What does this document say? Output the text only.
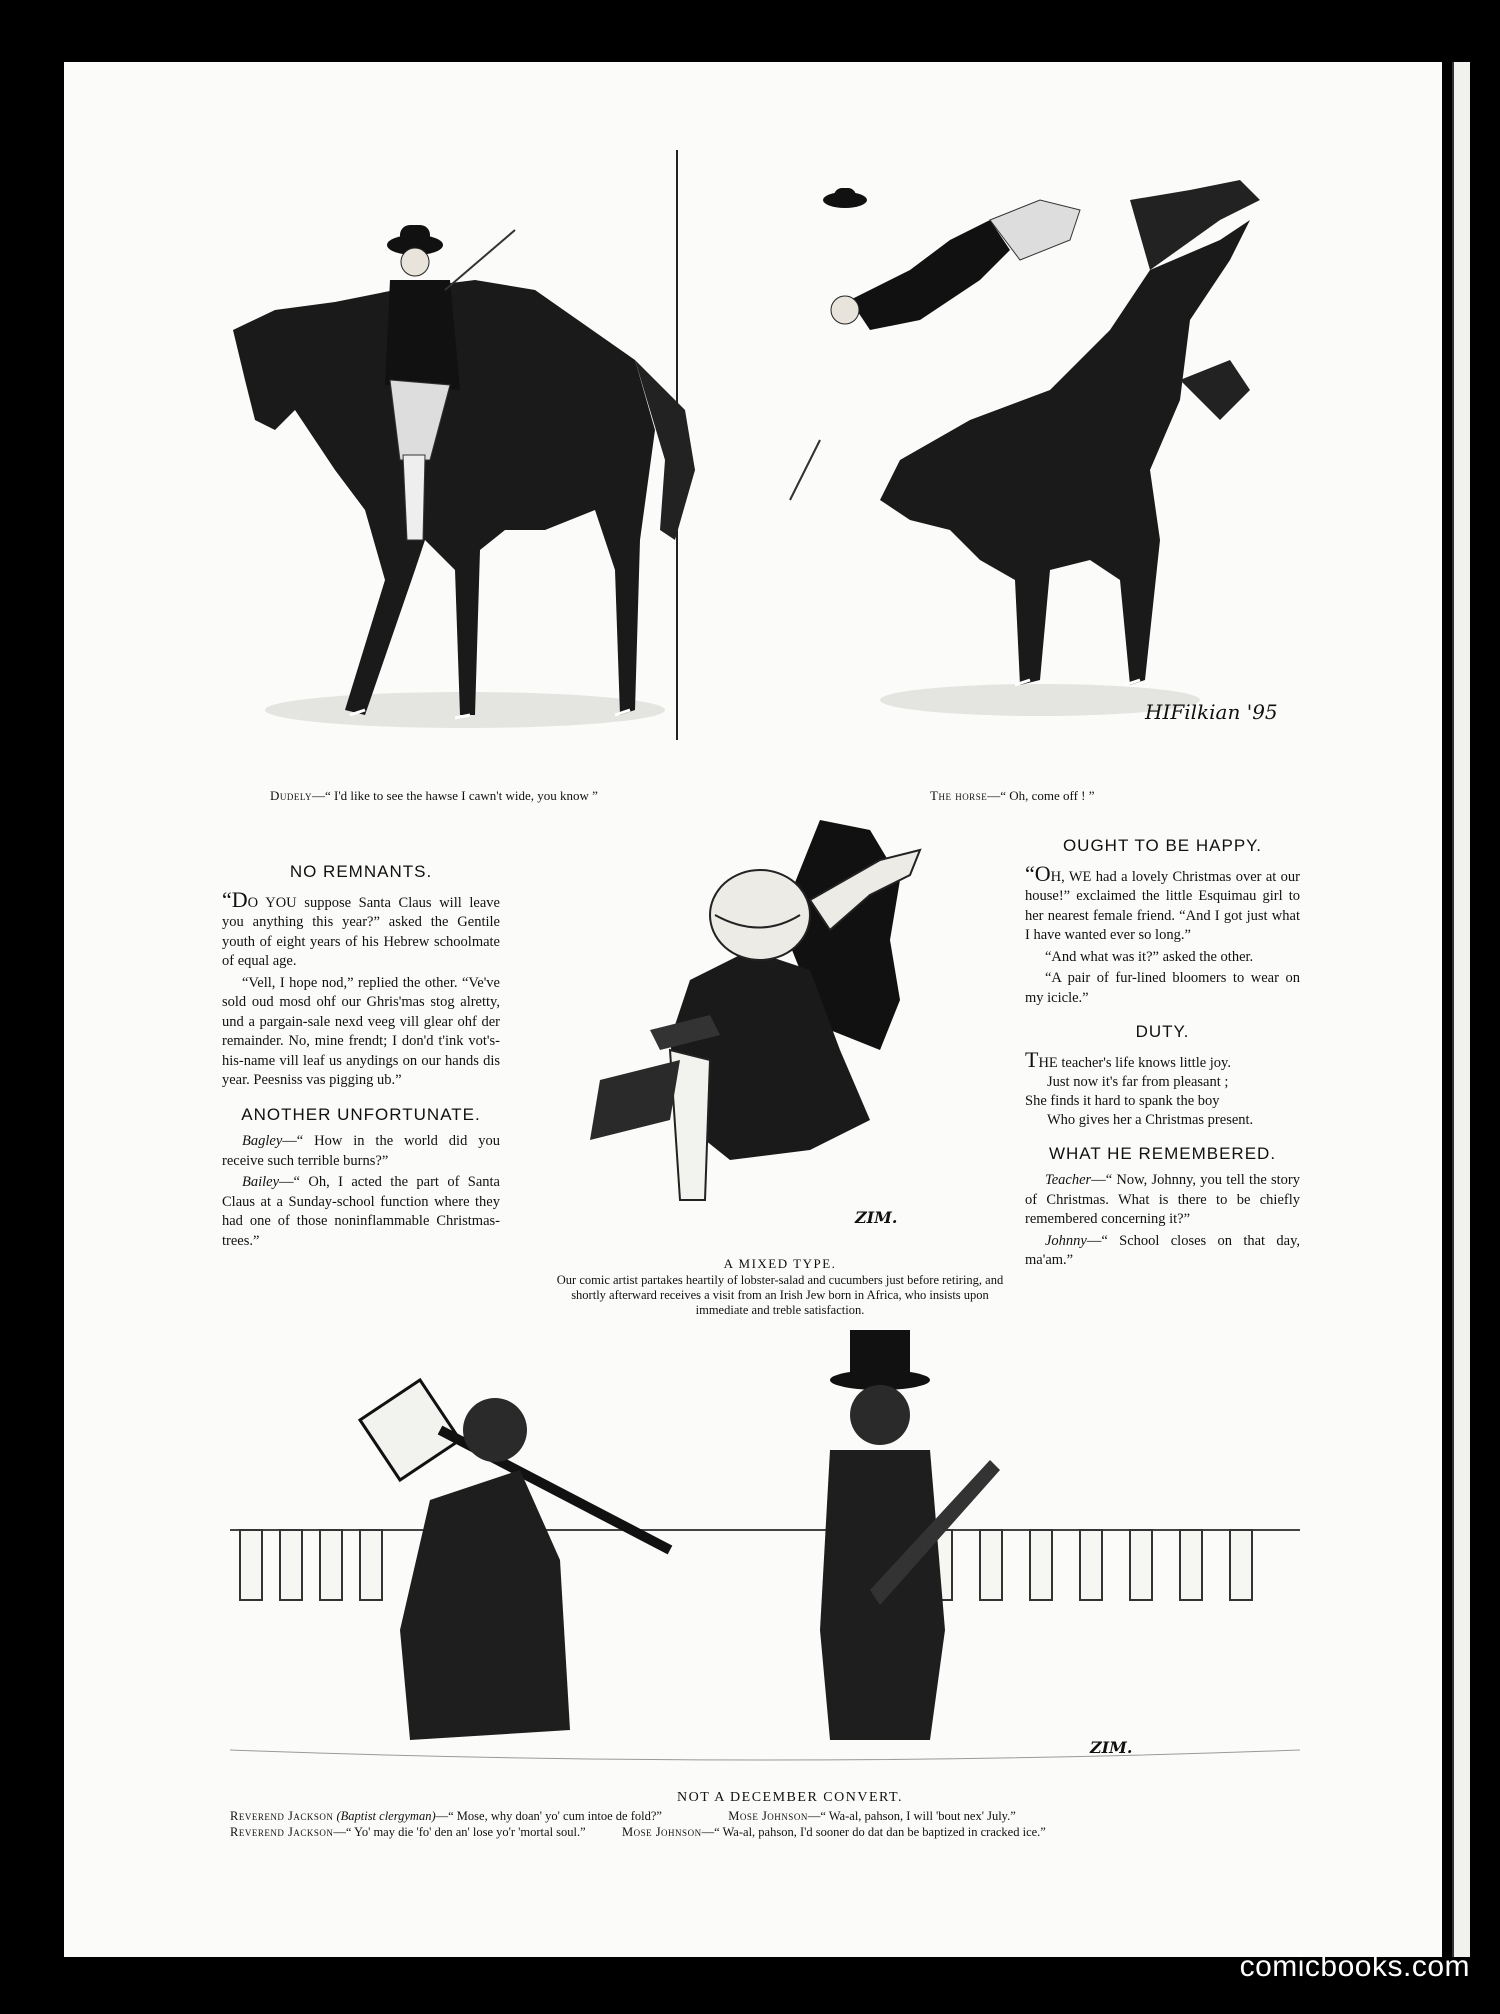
Dudely—“ I'd like to see the hawse I cawn't wide, you know ”
HIFilkian '95
The horse—“ Oh, come off ! ”
NO REMNANTS.

“DO YOU suppose Santa Claus will leave you anything this year?” asked the Gentile youth of eight years of his Hebrew schoolmate of equal age.

“Vell, I hope nod,” replied the other. “Ve've sold oud mosd ohf our Ghris'mas stog alretty, und a pargain-sale nexd veeg vill glear ohf der remainder. No, mine frendt; I don'd t'ink vot's-his-name vill leaf us anydings on our hands dis year. Peesniss vas pigging ub.”

ANOTHER UNFORTUNATE.

Bagley—“ How in the world did you receive such terrible burns?”

Bailey—“ Oh, I acted the part of Santa Claus at a Sunday-school function where they had one of those noninflammable Christmas-trees.”

ZIM.
A MIXED TYPE.
Our comic artist partakes heartily of lobster-salad and cucumbers just before retiring, and shortly afterward receives a visit from an Irish Jew born in Africa, who insists upon immediate and treble satisfaction.
OUGHT TO BE HAPPY.

“OH, WE had a lovely Christmas over at our house!” exclaimed the little Esquimau girl to her nearest female friend. “And I got just what I have wanted ever so long.”

“And what was it?” asked the other.

“A pair of fur-lined bloomers to wear on my icicle.”

DUTY.
THE teacher's life knows little joy.
Just now it's far from pleasant ;
She finds it hard to spank the boy
Who gives her a Christmas present.
WHAT HE REMEMBERED.

Teacher—“ Now, Johnny, you tell the story of Christmas. What is there to be chiefly remembered concerning it?”

Johnny—“ School closes on that day, ma'am.”

ZIM.
NOT A DECEMBER CONVERT.
Reverend Jackson (Baptist clergyman)—“ Mose, why doan' yo' cum intoe de fold?”	Mose Johnson—“ Wa-al, pahson, I will 'bout nex' July.”
Reverend Jackson—“ Yo' may die 'fo' den an' lose yo'r 'mortal soul.”	Mose Johnson—“ Wa-al, pahson, I'd sooner do dat dan be baptized in cracked ice.”
comicbooks.com
